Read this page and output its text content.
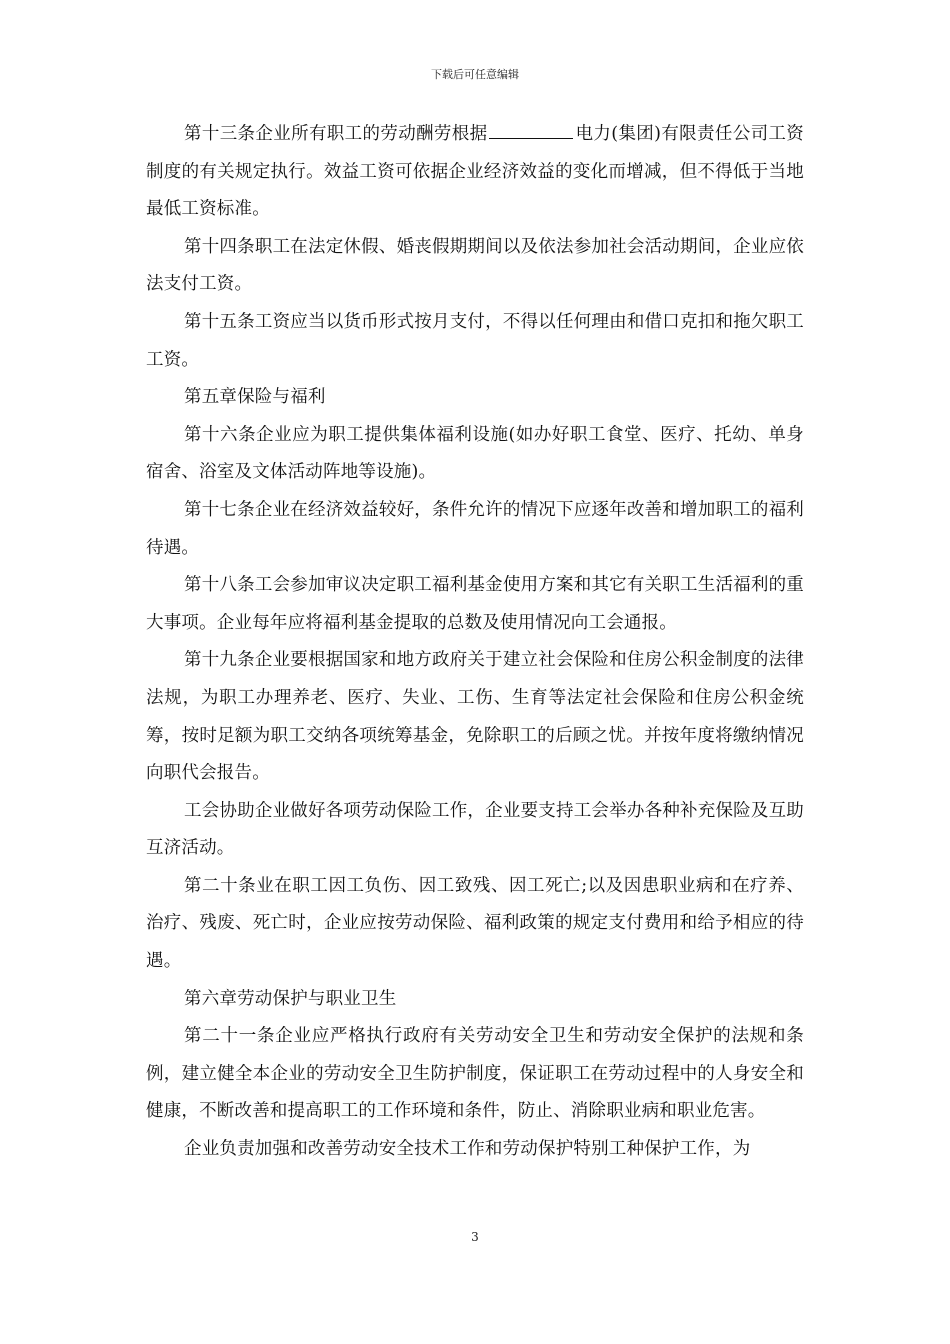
下载后可任意编辑

第十三条企业所有职工的劳动酬劳根据	电力(集团)有限责任公司工资制度的有关规定执行。效益工资可依据企业经济效益的变化而增减，但不得低于当地最低工资标准。

第十四条职工在法定休假、婚丧假期期间以及依法参加社会活动期间，企业应依法支付工资。

第十五条工资应当以货币形式按月支付，不得以任何理由和借口克扣和拖欠职工工资。

第五章保险与福利

第十六条企业应为职工提供集体福利设施(如办好职工食堂、医疗、托幼、单身宿舍、浴室及文体活动阵地等设施)。

第十七条企业在经济效益较好，条件允许的情况下应逐年改善和增加职工的福利待遇。

第十八条工会参加审议决定职工福利基金使用方案和其它有关职工生活福利的重大事项。企业每年应将福利基金提取的总数及使用情况向工会通报。

第十九条企业要根据国家和地方政府关于建立社会保险和住房公积金制度的法律法规，为职工办理养老、医疗、失业、工伤、生育等法定社会保险和住房公积金统筹，按时足额为职工交纳各项统筹基金，免除职工的后顾之忧。并按年度将缴纳情况向职代会报告。

工会协助企业做好各项劳动保险工作，企业要支持工会举办各种补充保险及互助互济活动。

第二十条业在职工因工负伤、因工致残、因工死亡;以及因患职业病和在疗养、治疗、残废、死亡时，企业应按劳动保险、福利政策的规定支付费用和给予相应的待遇。

第六章劳动保护与职业卫生

第二十一条企业应严格执行政府有关劳动安全卫生和劳动安全保护的法规和条例，建立健全本企业的劳动安全卫生防护制度，保证职工在劳动过程中的人身安全和健康，不断改善和提高职工的工作环境和条件，防止、消除职业病和职业危害。

企业负责加强和改善劳动安全技术工作和劳动保护特别工种保护工作，为

3
